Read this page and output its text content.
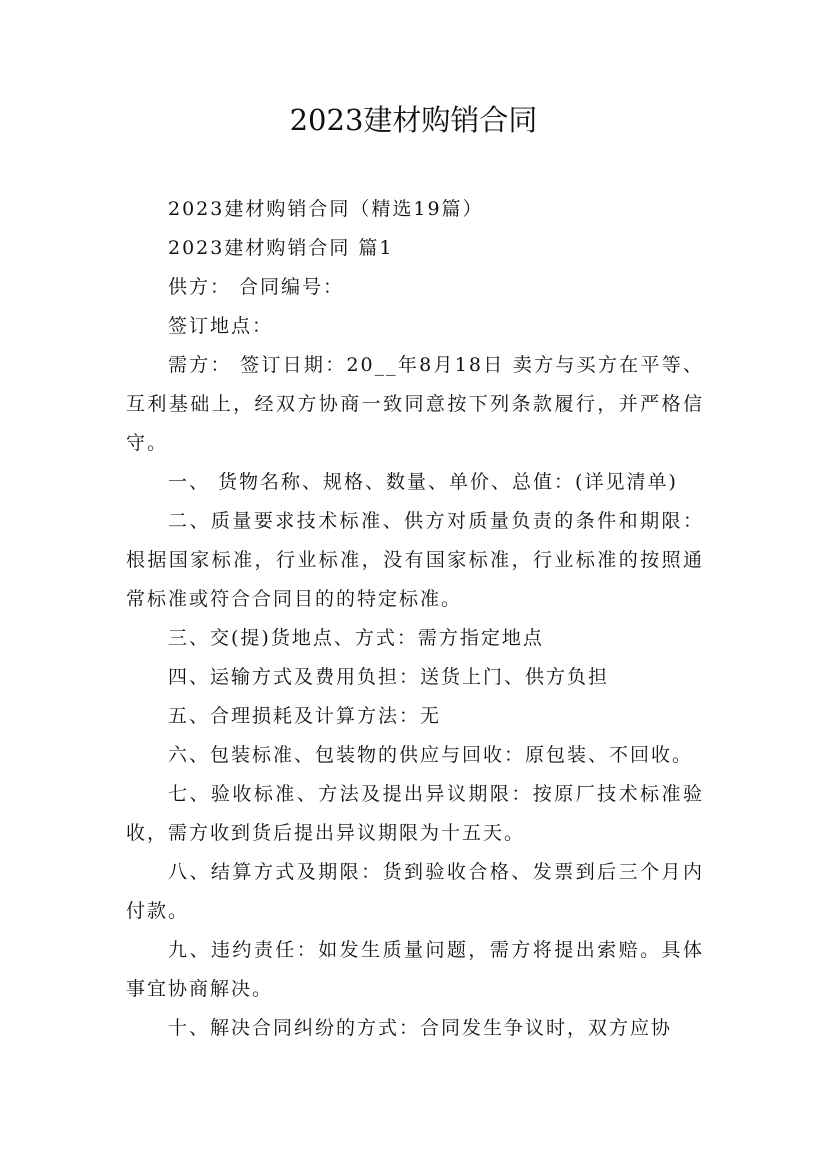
2023建材购销合同

2023建材购销合同（精选19篇）

2023建材购销合同 篇1

供方： 合同编号：

签订地点：

需方： 签订日期：20__年8月18日 卖方与买方在平等、互利基础上，经双方协商一致同意按下列条款履行，并严格信守。

一、 货物名称、规格、数量、单价、总值：(详见清单)

二、质量要求技术标准、供方对质量负责的条件和期限：根据国家标准，行业标准，没有国家标准，行业标准的按照通常标准或符合合同目的的特定标准。

三、交(提)货地点、方式：需方指定地点

四、运输方式及费用负担：送货上门、供方负担

五、合理损耗及计算方法：无

六、包装标准、包装物的供应与回收：原包装、不回收。

七、验收标准、方法及提出异议期限：按原厂技术标准验收，需方收到货后提出异议期限为十五天。

八、结算方式及期限：货到验收合格、发票到后三个月内付款。

九、违约责任：如发生质量问题，需方将提出索赔。具体事宜协商解决。

十、解决合同纠纷的方式：合同发生争议时，双方应协
